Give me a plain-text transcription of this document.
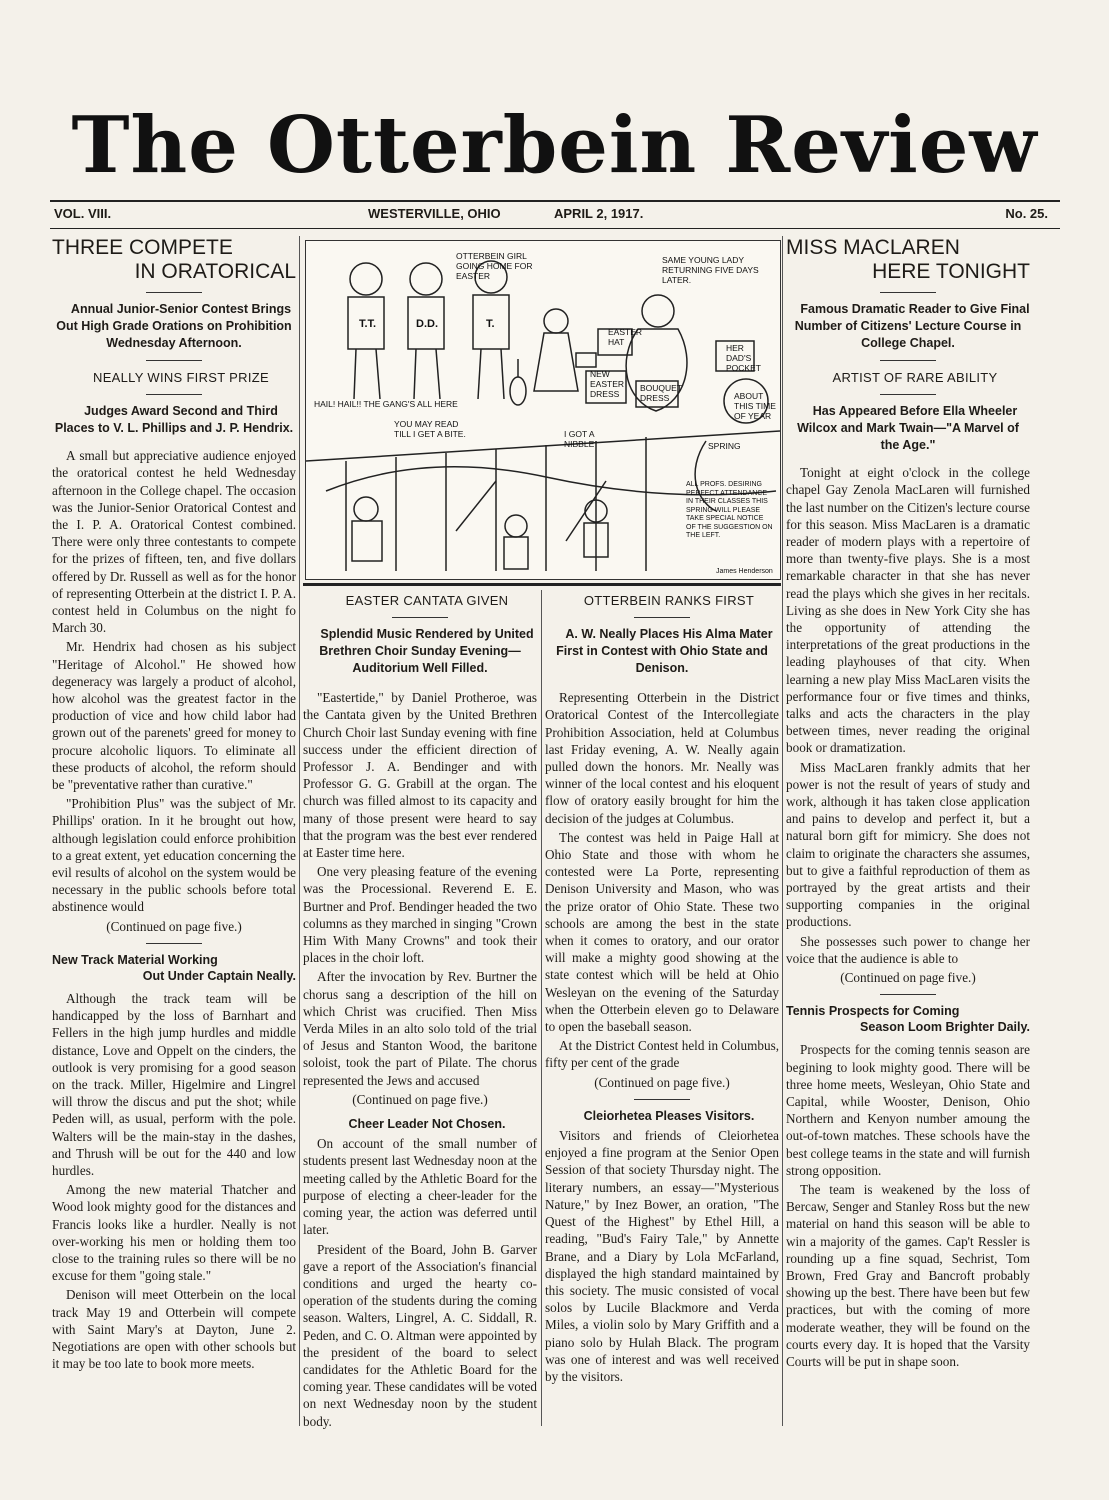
The Otterbein Review
VOL. VIII.	WESTERVILLE, OHIO	APRIL 2, 1917.	No. 25.
THREE COMPETE
IN ORATORICAL

Annual Junior-Senior Contest Brings Out High Grade Orations on Prohibition Wednesday Afternoon.

NEALLY WINS FIRST PRIZE

Judges Award Second and Third Places to V. L. Phillips and J. P. Hendrix.

A small but appreciative audience enjoyed the oratorical contest he held Wednesday afternoon in the College chapel. The occasion was the Junior-Senior Oratorical Contest and the I. P. A. Oratorical Contest combined. There were only three contestants to compete for the prizes of fifteen, ten, and five dollars offered by Dr. Russell as well as for the honor of representing Otterbein at the district I. P. A. contest held in Columbus on the night fo March 30.

Mr. Hendrix had chosen as his subject "Heritage of Alcohol." He showed how degeneracy was largely a product of alcohol, how alcohol was the greatest factor in the production of vice and how child labor had grown out of the parenets' greed for money to procure alcoholic liquors. To eliminate all these products of alcohol, the reform should be "preventative rather than curative."

"Prohibition Plus" was the subject of Mr. Phillips' oration. In it he brought out how, although legislation could enforce prohibition to a great extent, yet education concerning the evil results of alcohol on the system would be necessary in the public schools before total abstinence would

(Continued on page five.)

New Track Material Working
Out Under Captain Neally.

Although the track team will be handicapped by the loss of Barnhart and Fellers in the high jump hurdles and middle distance, Love and Oppelt on the cinders, the outlook is very promising for a good season on the track. Miller, Higelmire and Lingrel will throw the discus and put the shot; while Peden will, as usual, perform with the pole. Walters will be the main-stay in the dashes, and Thrush will be out for the 440 and low hurdles.

Among the new material Thatcher and Wood look mighty good for the distances and Francis looks like a hurdler. Neally is not over-working his men or holding them too close to the training rules so there will be no excuse for them "going stale."

Denison will meet Otterbein on the local track May 19 and Otterbein will compete with Saint Mary's at Dayton, June 2. Negotiations are open with other schools but it may be too late to book more meets.

T.T.	D.D.	T.
OTTERBEIN GIRL GOING HOME FOR EASTER
SAME YOUNG LADY RETURNING FIVE DAYS LATER.
HAIL! HAIL!! THE GANG'S ALL HERE
YOU MAY READ TILL I GET A BITE.	I GOT A NIBBLE
EASTER HAT
NEW EASTER DRESS
BOUQUET DRESS
HER DAD'S POCKET
ABOUT THIS TIME OF YEAR
SPRING
ALL PROFS. DESIRING PERFECT ATTENDANCE IN THEIR CLASSES THIS SPRING WILL PLEASE TAKE SPECIAL NOTICE OF THE SUGGESTION ON THE LEFT.
James Henderson

EASTER CANTATA GIVEN

Splendid Music Rendered by United Brethren Choir Sunday Evening—Auditorium Well Filled.

"Eastertide," by Daniel Protheroe, was the Cantata given by the United Brethren Church Choir last Sunday evening with fine success under the efficient direction of Professor J. A. Bendinger and with Professor G. G. Grabill at the organ. The church was filled almost to its capacity and many of those present were heard to say that the program was the best ever rendered at Easter time here.

One very pleasing feature of the evening was the Processional. Reverend E. E. Burtner and Prof. Bendinger headed the two columns as they marched in singing "Crown Him With Many Crowns" and took their places in the chоir loft.

After the invocation by Rev. Burtner the chorus sang a description of the hill on which Christ was crucified. Then Miss Verda Miles in an alto solo told of the trial of Jesus and Stanton Wood, the baritone soloist, took the part of Pilate. The chorus represented the Jews and accused

(Continued on page five.)

Cheer Leader Not Chosen.

On account of the small number of students present last Wednesday noon at the meeting called by the Athletic Board for the purpose of electing a cheer-leader for the coming year, the action was deferred until later.

President of the Board, John B. Garver gave a report of the Association's financial conditions and urged the hearty co-operation of the students during the coming season. Walters, Lingrel, A. C. Siddall, R. Peden, and C. O. Altman were appointed by the president of the board to select candidates for the Athletic Board for the coming year. These candidates will be voted on next Wednesday noon by the student body.

OTTERBEIN RANKS FIRST

A. W. Neally Places His Alma Mater First in Contest with Ohio State and Denison.

Representing Otterbein in the District Oratorical Contest of the Intercollegiate Prohibition Association, held at Columbus last Friday evening, A. W. Neally again pulled down the honors. Mr. Neally was winner of the local contest and his eloquent flow of oratory easily brought for him the decision of the judges at Columbus.

The contest was held in Paige Hall at Ohio State and those with whom he contested were La Porte, representing Denison University and Mason, who was the prize orator of Ohio State. These two schools are among the best in the state when it comes to oratory, and our orator will make a mighty good showing at the state contest which will be held at Ohio Wesleyan on the evening of the Saturday when the Otterbein eleven go to Delaware to open the baseball season.

At the District Contest held in Columbus, fifty per cent of the grade

(Continued on page five.)

Cleiorhetea Pleases Visitors.

Visitors and friends of Cleiorhetea enjoyed a fine program at the Senior Open Session of that society Thursday night. The literary numbers, an essay—"Mysterious Nature," by Inez Bower, an oration, "The Quest of the Highest" by Ethel Hill, a reading, "Bud's Fairy Tale," by Annette Brane, and a Diary by Lola McFarland, displayed the high standard maintained by this society. The music consisted of vocal solos by Lucile Blackmore and Verda Miles, a violin solo by Mary Griffith and a piano solo by Hulah Black. The program was one of interest and was well received by the visitors.

MISS MACLAREN
HERE TONIGHT

Famous Dramatic Reader to Give Final Number of Citizens' Lecture Course in College Chapel.

ARTIST OF RARE ABILITY

Has Appeared Before Ella Wheeler Wilcox and Mark Twain—"A Marvel of the Age."

Tonight at eight o'clock in the college chapel Gay Zenola MacLaren will furnished the last number on the Citizen's lecture course for this season. Miss MacLaren is a dramatic reader of modern plays with a repertoire of more than twenty-five plays. She is a most remarkable character in that she has never read the plays which she gives in her recitals. Living as she does in New York City she has the opportunity of attending the interpretations of the great productions in the leading playhouses of that city. When learning a new play Miss MacLaren visits the performance four or five times and thinks, talks and acts the characters in the play between times, never reading the original book or dramatization.

Miss MacLaren frankly admits that her power is not the result of years of study and work, although it has taken close application and pains to develop and perfect it, but a natural born gift for mimicry. She does not claim to originate the characters she assumes, but to give a faithful reproduction of them as portrayed by the great artists and their supporting companies in the original productions.

She possesses such power to change her voice that the audience is able to

(Continued on page five.)

Tennis Prospects for Coming
Season Loom Brighter Daily.

Prospects for the coming tennis season are begining to look mighty good. There will be three home meets, Wesleyan, Ohio State and Capital, while Wooster, Denison, Ohio Northern and Kenyon number amoung the out-of-town matches. These schools have the best college teams in the state and will furnish strong opposition.

The team is weakened by the loss of Bercaw, Senger and Stanley Ross but the new material on hand this season will be able to win a majority of the games. Cap't Ressler is rounding up a fine squad, Sechrist, Tom Brown, Fred Gray and Bancroft probably showing up the best. There have been but few practices, but with the coming of more moderate weather, they will be found on the courts every day. It is hoped that the Varsity Courts will be put in shape soon.
